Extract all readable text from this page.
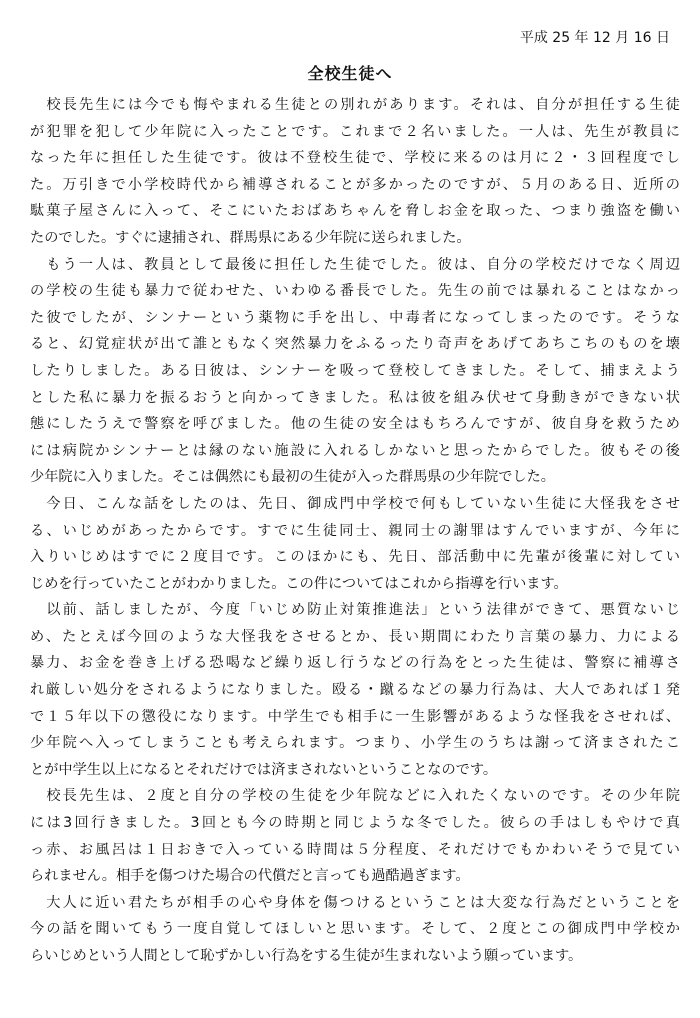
平成 25 年 12 月 16 日
全校生徒へ
　校長先生には今でも悔やまれる生徒との別れがあります。それは、自分が担任する生徒
が犯罪を犯して少年院に入ったことです。これまで２名いました。一人は、先生が教員に
なった年に担任した生徒です。彼は不登校生徒で、学校に来るのは月に２・３回程度でし
た。万引きで小学校時代から補導されることが多かったのですが、５月のある日、近所の
駄菓子屋さんに入って、そこにいたおばあちゃんを脅しお金を取った、つまり強盗を働い
たのでした。すぐに逮捕され、群馬県にある少年院に送られました。
　もう一人は、教員として最後に担任した生徒でした。彼は、自分の学校だけでなく周辺
の学校の生徒も暴力で従わせた、いわゆる番長でした。先生の前では暴れることはなかっ
た彼でしたが、シンナーという薬物に手を出し、中毒者になってしまったのです。そうな
ると、幻覚症状が出て誰ともなく突然暴力をふるったり奇声をあげてあちこちのものを壊
したりしました。ある日彼は、シンナーを吸って登校してきました。そして、捕まえよう
とした私に暴力を振るおうと向かってきました。私は彼を組み伏せて身動きができない状
態にしたうえで警察を呼びました。他の生徒の安全はもちろんですが、彼自身を救うため
には病院かシンナーとは縁のない施設に入れるしかないと思ったからでした。彼もその後
少年院に入りました。そこは偶然にも最初の生徒が入った群馬県の少年院でした。
　今日、こんな話をしたのは、先日、御成門中学校で何もしていない生徒に大怪我をさせ
る、いじめがあったからです。すでに生徒同士、親同士の謝罪はすんでいますが、今年に
入りいじめはすでに２度目です。このほかにも、先日、部活動中に先輩が後輩に対してい
じめを行っていたことがわかりました。この件についてはこれから指導を行います。
　以前、話しましたが、今度「いじめ防止対策推進法」という法律ができて、悪質ないじ
め、たとえば今回のような大怪我をさせるとか、長い期間にわたり言葉の暴力、力による
暴力、お金を巻き上げる恐喝など繰り返し行うなどの行為をとった生徒は、警察に補導さ
れ厳しい処分をされるようになりました。殴る・蹴るなどの暴力行為は、大人であれば１発
で１５年以下の懲役になります。中学生でも相手に一生影響があるような怪我をさせれば、
少年院へ入ってしまうことも考えられます。つまり、小学生のうちは謝って済まされたこ
とが中学生以上になるとそれだけでは済まされないということなのです。
　校長先生は、２度と自分の学校の生徒を少年院などに入れたくないのです。その少年院
には3回行きました。3回とも今の時期と同じような冬でした。彼らの手はしもやけで真
っ赤、お風呂は１日おきで入っている時間は５分程度、それだけでもかわいそうで見てい
られません。相手を傷つけた場合の代償だと言っても過酷過ぎます。
　大人に近い君たちが相手の心や身体を傷つけるということは大変な行為だということを
今の話を聞いてもう一度自覚してほしいと思います。そして、２度とこの御成門中学校か
らいじめという人間として恥ずかしい行為をする生徒が生まれないよう願っています。
